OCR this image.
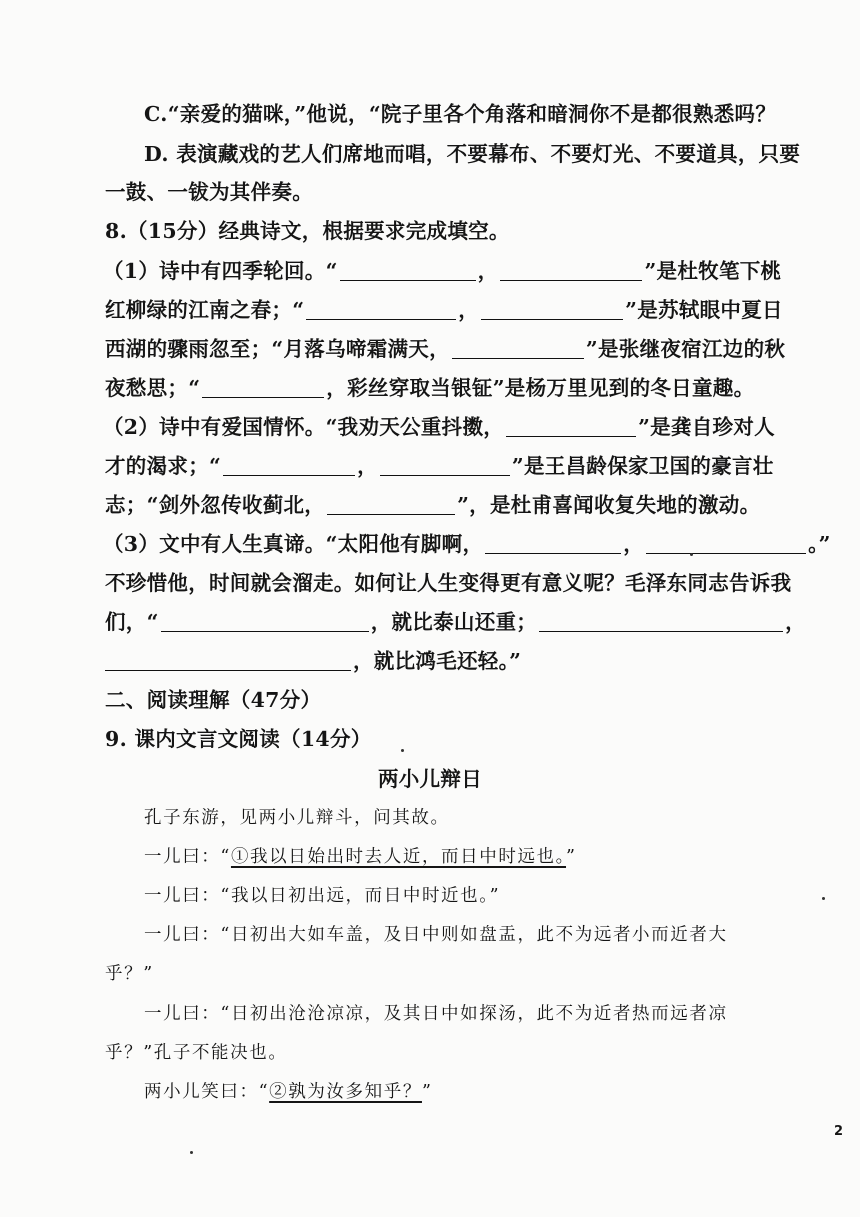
C.“亲爱的猫咪，”他说，“院子里各个角落和暗洞你不是都很熟悉吗？
D. 表演藏戏的艺人们席地而唱，不要幕布、不要灯光、不要道具，只要
一鼓、一钹为其伴奏。
8.（15分）经典诗文，根据要求完成填空。
（1）诗中有四季轮回。“	，	”是杜牧笔下桃
红柳绿的江南之春；“	，	”是苏轼眼中夏日
西湖的骤雨忽至；“月落乌啼霜满天，	”是张继夜宿江边的秋
夜愁思；“	，彩丝穿取当银钲”是杨万里见到的冬日童趣。
（2）诗中有爱国情怀。“我劝天公重抖擞，	”是龚自珍对人
才的渴求；“	，	”是王昌龄保家卫国的豪言壮
志；“剑外忽传收蓟北，	”，是杜甫喜闻收复失地的激动。
（3）文中有人生真谛。“太阳他有脚啊，	，	。”
不珍惜他，时间就会溜走。如何让人生变得更有意义呢？毛泽东同志告诉我
们，“	，就比泰山还重；	，
，就比鸿毛还轻。”
二、阅读理解（47分）
9. 课内文言文阅读（14分）
两小儿辩日
孔子东游，见两小儿辩斗，问其故。
一儿曰：“①我以日始出时去人近，而日中时远也。”
一儿曰：“我以日初出远，而日中时近也。”
一儿曰：“日初出大如车盖，及日中则如盘盂，此不为远者小而近者大
乎？”
一儿曰：“日初出沧沧凉凉，及其日中如探汤，此不为近者热而远者凉
乎？”孔子不能决也。
两小儿笑曰：“②孰为汝多知乎？”
2
